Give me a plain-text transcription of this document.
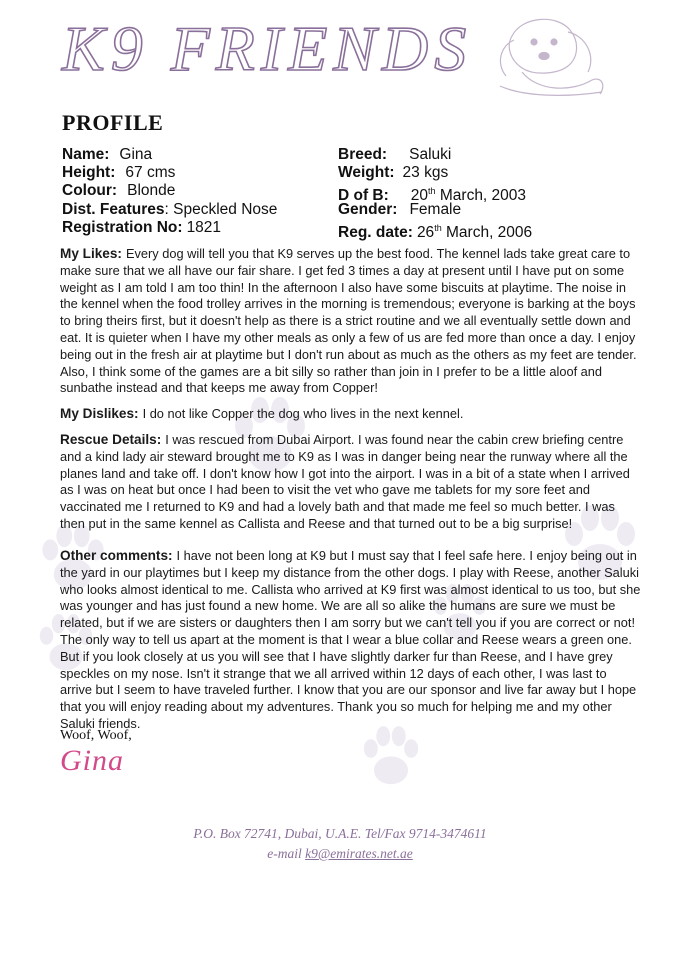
K9 FRIENDS
PROFILE
Name: Gina
Height: 67 cms
Colour: Blonde
Dist. Features: Speckled Nose
Registration No: 1821
Breed: Saluki
Weight: 23 kgs
D of B: 20th March, 2003
Gender: Female
Reg. date: 26th March, 2006
My Likes: Every dog will tell you that K9 serves up the best food. The kennel lads take great care to make sure that we all have our fair share. I get fed 3 times a day at present until I have put on some weight as I am told I am too thin! In the afternoon I also have some biscuits at playtime. The noise in the kennel when the food trolley arrives in the morning is tremendous; everyone is barking at the boys to bring theirs first, but it doesn't help as there is a strict routine and we all eventually settle down and eat. It is quieter when I have my other meals as only a few of us are fed more than once a day. I enjoy being out in the fresh air at playtime but I don't run about as much as the others as my feet are tender. Also, I think some of the games are a bit silly so rather than join in I prefer to be a little aloof and sunbathe instead and that keeps me away from Copper!
My Dislikes: I do not like Copper the dog who lives in the next kennel.
Rescue Details: I was rescued from Dubai Airport. I was found near the cabin crew briefing centre and a kind lady air steward brought me to K9 as I was in danger being near the runway where all the planes land and take off. I don't know how I got into the airport. I was in a bit of a state when I arrived as I was on heat but once I had been to visit the vet who gave me tablets for my sore feet and vaccinated me I returned to K9 and had a lovely bath and that made me feel so much better. I was then put in the same kennel as Callista and Reese and that turned out to be a big surprise!
Other comments: I have not been long at K9 but I must say that I feel safe here. I enjoy being out in the yard in our playtimes but I keep my distance from the other dogs. I play with Reese, another Saluki who looks almost identical to me. Callista who arrived at K9 first was almost identical to us too, but she was younger and has just found a new home. We are all so alike the humans are sure we must be related, but if we are sisters or daughters then I am sorry but we can't tell you if you are correct or not! The only way to tell us apart at the moment is that I wear a blue collar and Reese wears a green one. But if you look closely at us you will see that I have slightly darker fur than Reese, and I have grey speckles on my nose. Isn't it strange that we all arrived within 12 days of each other, I was last to arrive but I seem to have traveled further. I know that you are our sponsor and live far away but I hope that you will enjoy reading about my adventures. Thank you so much for helping me and my other Saluki friends.
Woof, Woof,
Gina
P.O. Box 72741, Dubai, U.A.E. Tel/Fax 9714-3474611
e-mail k9@emirates.net.ae
